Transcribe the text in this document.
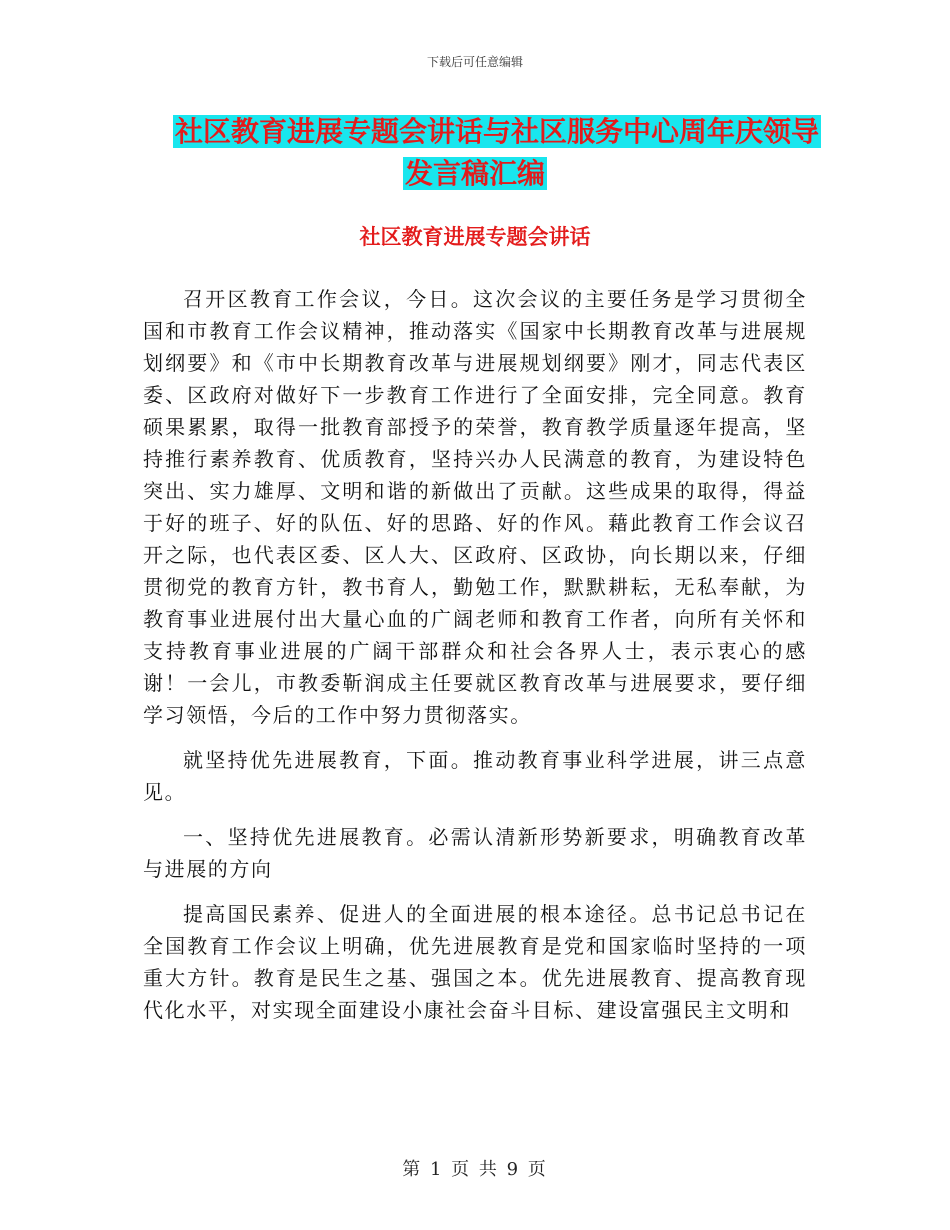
下载后可任意编辑
社区教育进展专题会讲话与社区服务中心周年庆领导
发言稿汇编
社区教育进展专题会讲话

召开区教育工作会议，今日。这次会议的主要任务是学习贯彻全国和市教育工作会议精神，推动落实《国家中长期教育改革与进展规划纲要》和《市中长期教育改革与进展规划纲要》刚才，同志代表区委、区政府对做好下一步教育工作进行了全面安排，完全同意。教育硕果累累，取得一批教育部授予的荣誉，教育教学质量逐年提高，坚持推行素养教育、优质教育，坚持兴办人民满意的教育，为建设特色突出、实力雄厚、文明和谐的新做出了贡献。这些成果的取得，得益于好的班子、好的队伍、好的思路、好的作风。藉此教育工作会议召开之际，也代表区委、区人大、区政府、区政协，向长期以来，仔细贯彻党的教育方针，教书育人，勤勉工作，默默耕耘，无私奉献，为教育事业进展付出大量心血的广阔老师和教育工作者，向所有关怀和支持教育事业进展的广阔干部群众和社会各界人士，表示衷心的感谢！一会儿，市教委靳润成主任要就区教育改革与进展要求，要仔细学习领悟，今后的工作中努力贯彻落实。

就坚持优先进展教育，下面。推动教育事业科学进展，讲三点意见。

一、坚持优先进展教育。必需认清新形势新要求，明确教育改革与进展的方向

提高国民素养、促进人的全面进展的根本途径。总书记总书记在全国教育工作会议上明确，优先进展教育是党和国家临时坚持的一项重大方针。教育是民生之基、强国之本。优先进展教育、提高教育现代化水平，对实现全面建设小康社会奋斗目标、建设富强民主文明和

第 1 页 共 9 页
